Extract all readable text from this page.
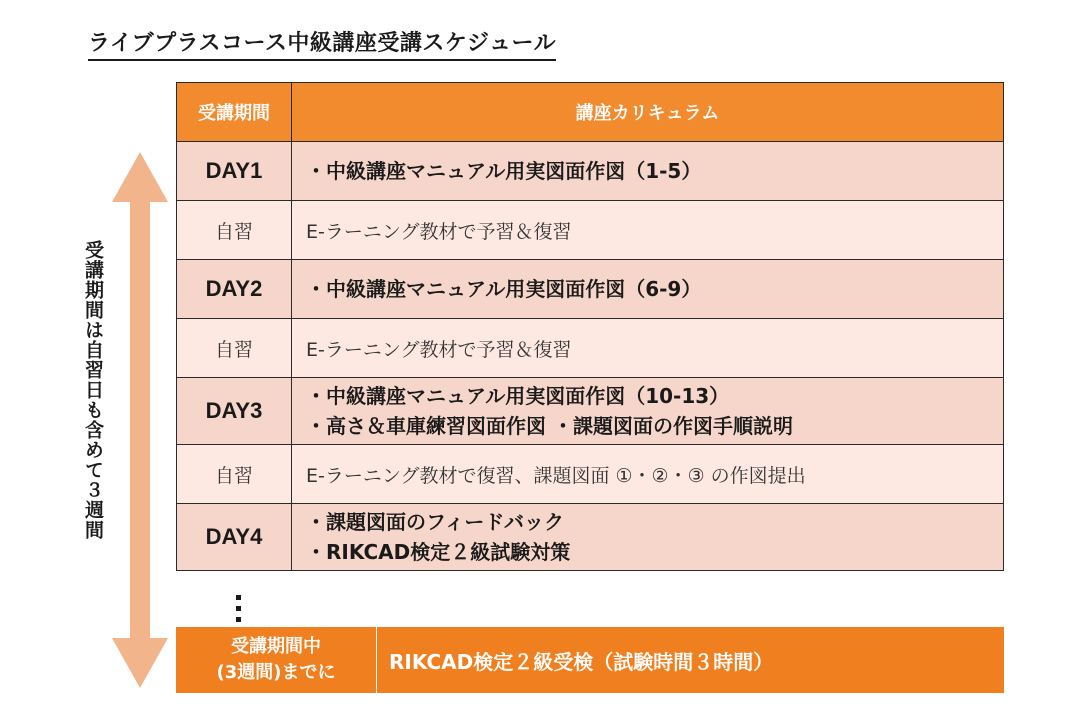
ライブプラスコース中級講座受講スケジュール
受講期間は自習日も含めて３週間
受講期間	講座カリキュラム
DAY1	・中級講座マニュアル用実図面作図（1-5）

自習	E-ラーニング教材で予習＆復習

DAY2	・中級講座マニュアル用実図面作図（6-9）

自習	E-ラーニング教材で予習＆復習

DAY3	・中級講座マニュアル用実図面作図（10-13）
・高さ＆車庫練習図面作図 ・課題図面の作図手順説明

自習	E-ラーニング教材で復習、課題図面 ①・②・③ の作図提出

DAY4	・課題図面のフィードバック
・RIKCAD検定２級試験対策
受講期間中
(3週間)までに	RIKCAD検定２級受検（試験時間３時間）
